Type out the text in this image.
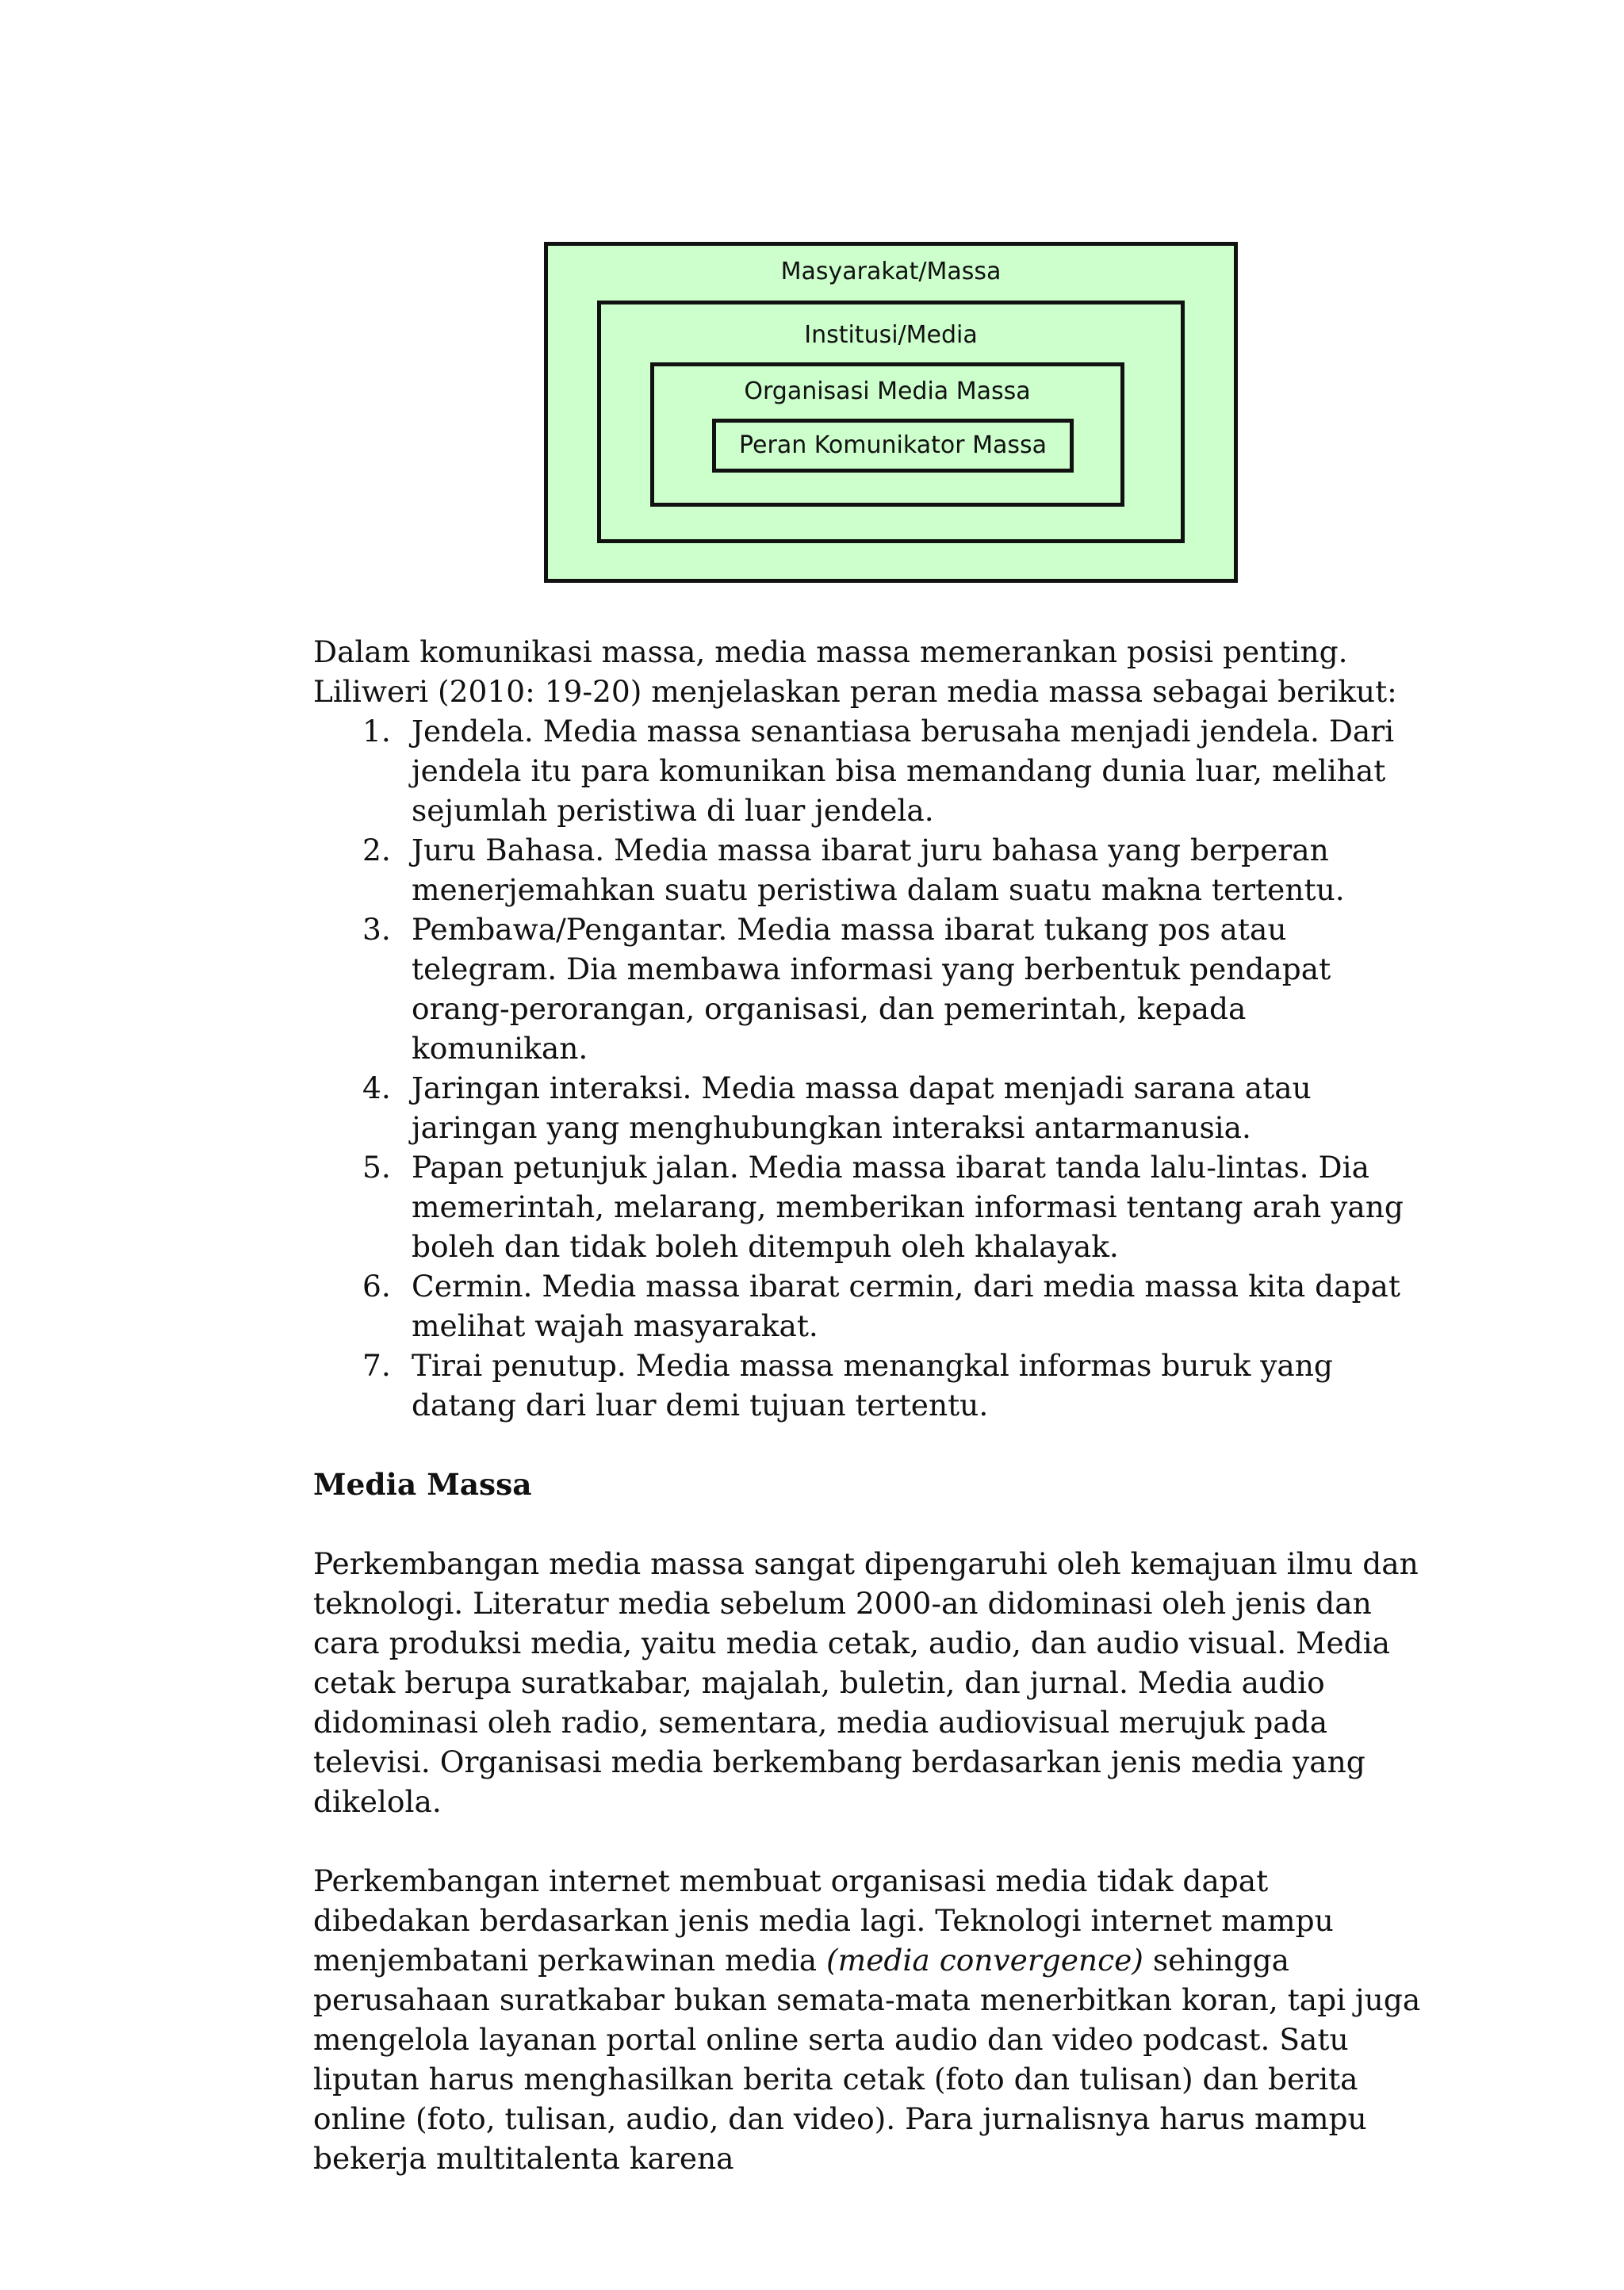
Masyarakat/Massa
Institusi/Media
Organisasi Media Massa
Peran Komunikator Massa

Dalam komunikasi massa, media massa memerankan posisi penting.

Liliweri (2010: 19-20) menjelaskan peran media massa sebagai berikut:

1. Jendela. Media massa senantiasa berusaha menjadi jendela. Dari jendela itu para komunikan bisa memandang dunia luar, melihat sejumlah peristiwa di luar jendela.
2. Juru Bahasa. Media massa ibarat juru bahasa yang berperan menerjemahkan suatu peristiwa dalam suatu makna tertentu.
3. Pembawa/Pengantar. Media massa ibarat tukang pos atau telegram. Dia membawa informasi yang berbentuk pendapat orang-perorangan, organisasi, dan pemerintah, kepada komunikan.
4. Jaringan interaksi. Media massa dapat menjadi sarana atau jaringan yang menghubungkan interaksi antarmanusia.
5. Papan petunjuk jalan. Media massa ibarat tanda lalu-lintas. Dia memerintah, melarang, memberikan informasi tentang arah yang boleh dan tidak boleh ditempuh oleh khalayak.
6. Cermin. Media massa ibarat cermin, dari media massa kita dapat melihat wajah masyarakat.
7. Tirai penutup. Media massa menangkal informas buruk yang datang dari luar demi tujuan tertentu.

Media Massa

Perkembangan media massa sangat dipengaruhi oleh kemajuan ilmu dan teknologi. Literatur media sebelum 2000-an didominasi oleh jenis dan cara produksi media, yaitu media cetak, audio, dan audio visual. Media cetak berupa suratkabar, majalah, buletin, dan jurnal. Media audio didominasi oleh radio, sementara, media audiovisual merujuk pada televisi. Organisasi media berkembang berdasarkan jenis media yang dikelola.

Perkembangan internet membuat organisasi media tidak dapat dibedakan berdasarkan jenis media lagi. Teknologi internet mampu menjembatani perkawinan media (media convergence) sehingga perusahaan suratkabar bukan semata-mata menerbitkan koran, tapi juga mengelola layanan portal online serta audio dan video podcast. Satu liputan harus menghasilkan berita cetak (foto dan tulisan) dan berita online (foto, tulisan, audio, dan video). Para jurnalisnya harus mampu bekerja multitalenta karena
